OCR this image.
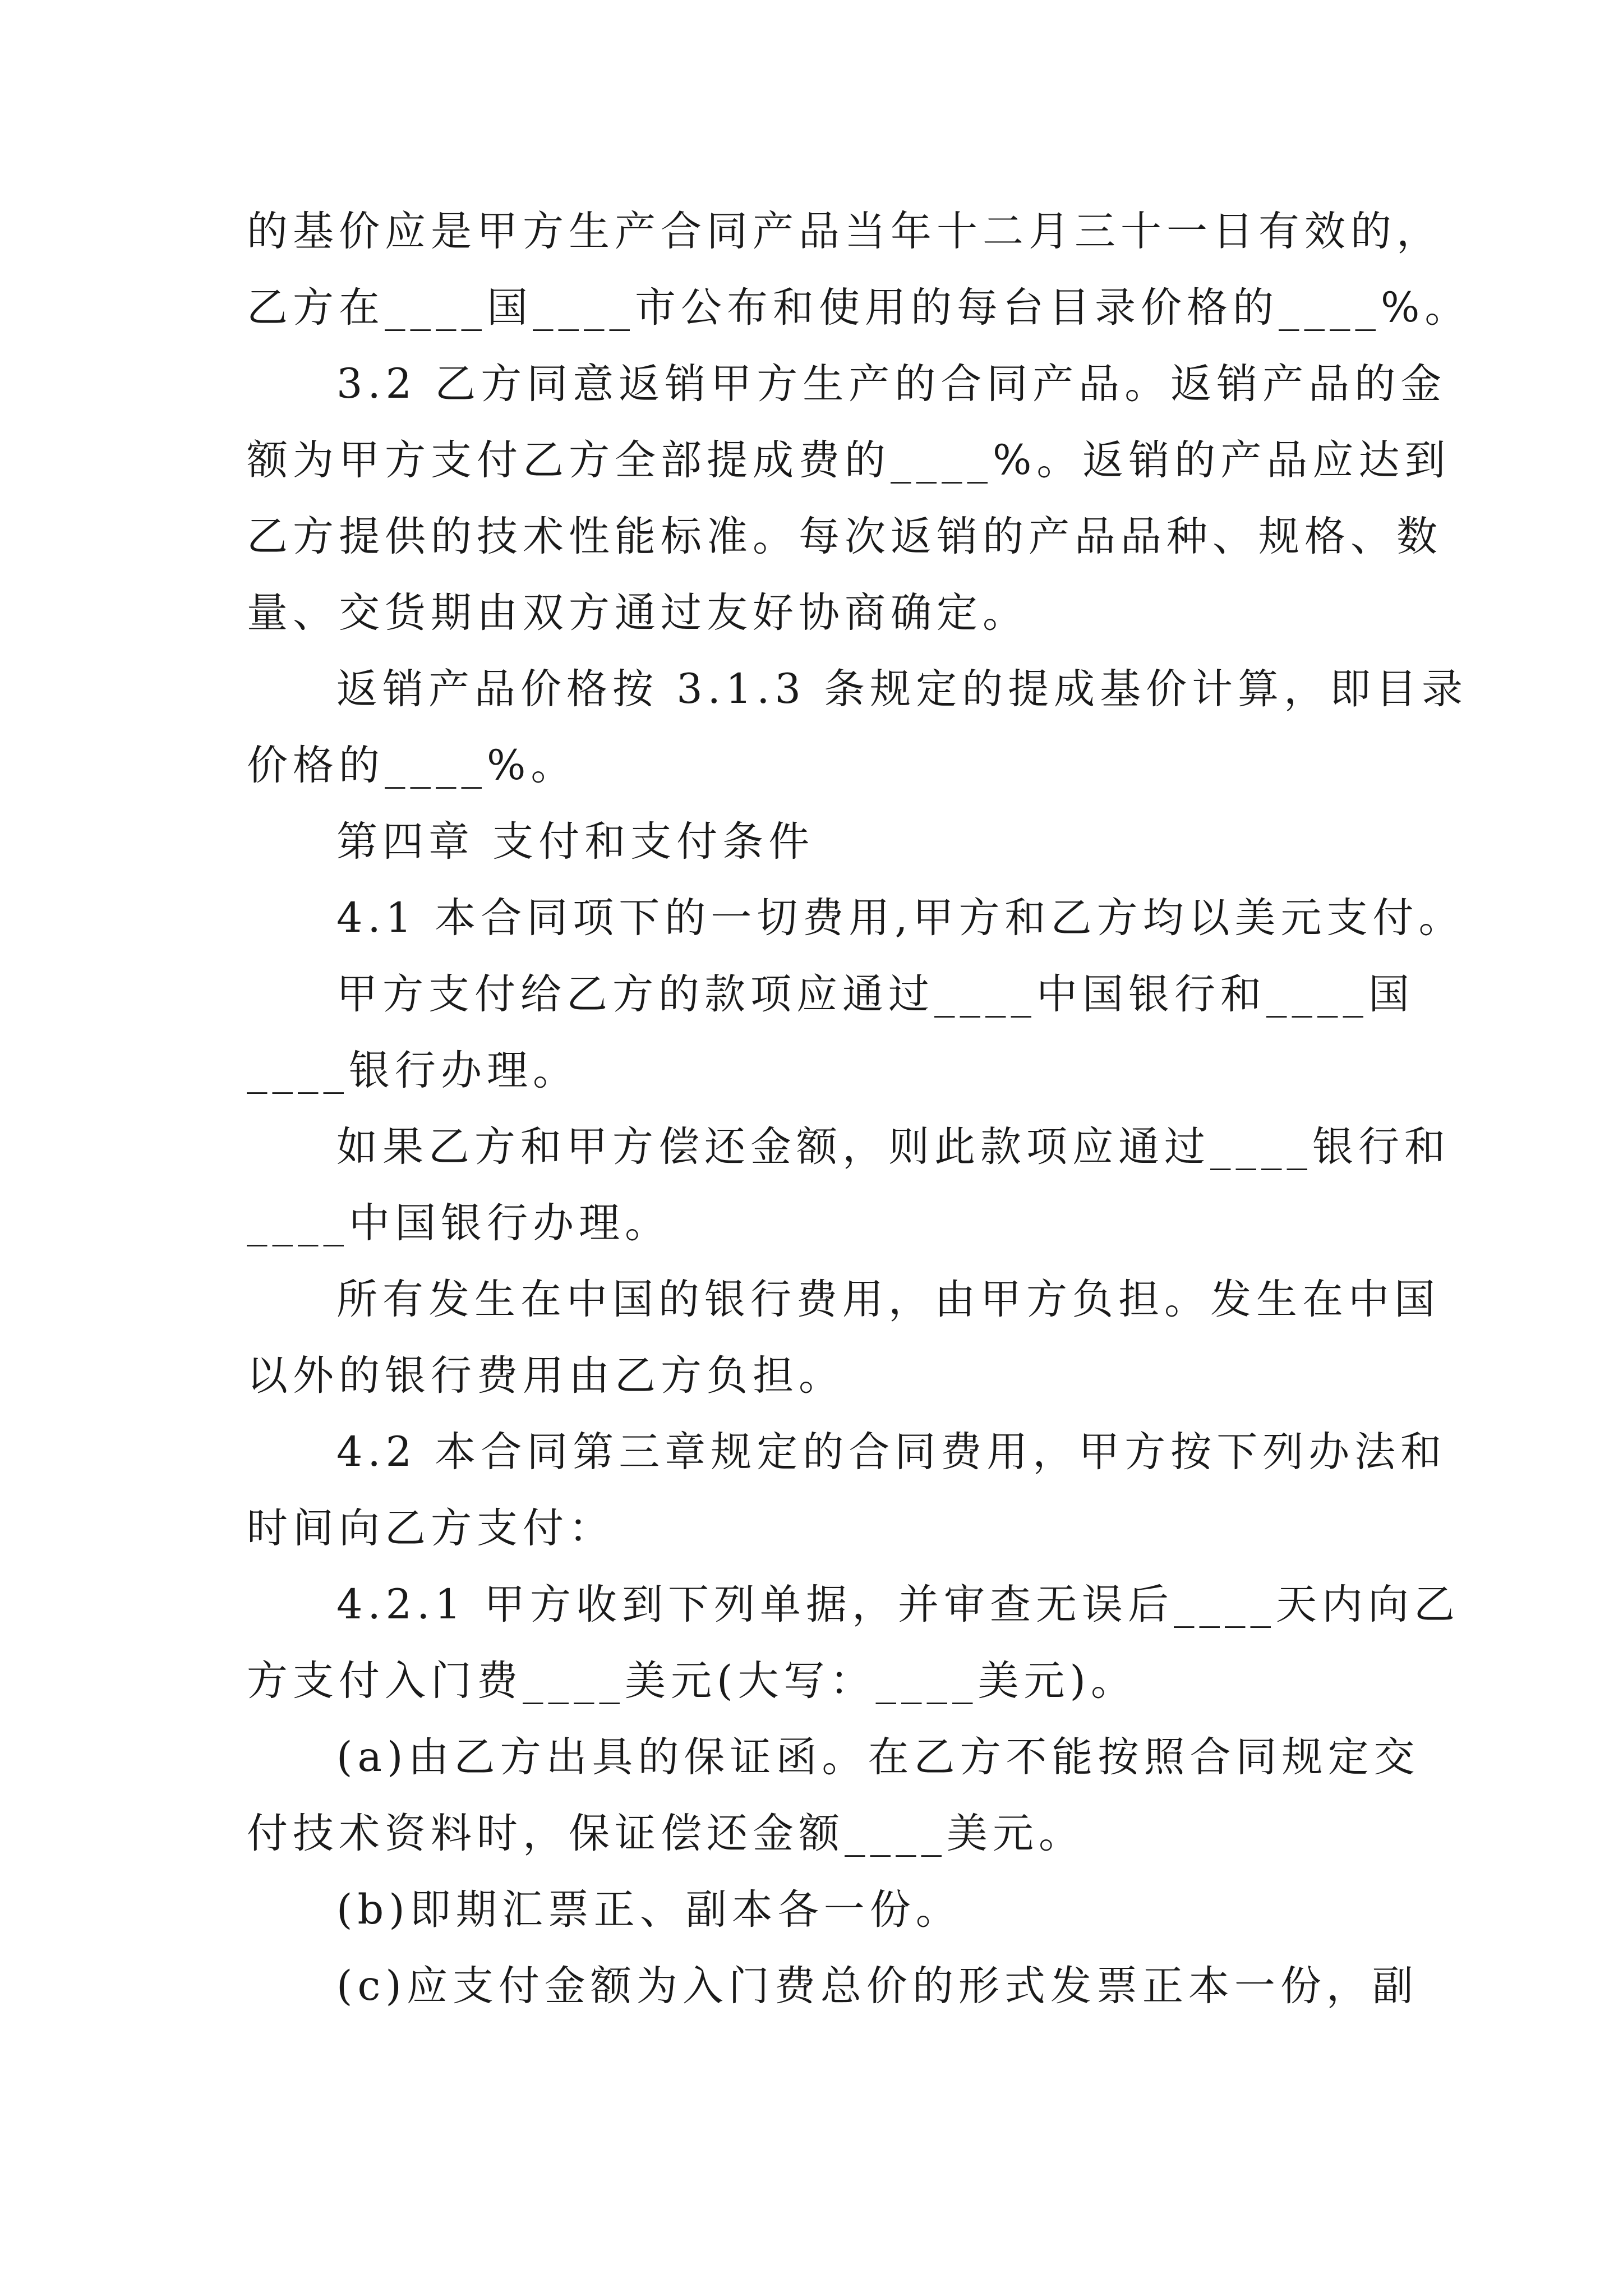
的基价应是甲方生产合同产品当年十二月三十一日有效的，
乙方在____国____市公布和使用的每台目录价格的____%。
3.2 乙方同意返销甲方生产的合同产品。返销产品的金
额为甲方支付乙方全部提成费的____%。返销的产品应达到
乙方提供的技术性能标准。每次返销的产品品种、规格、数
量、交货期由双方通过友好协商确定。
返销产品价格按 3.1.3 条规定的提成基价计算，即目录
价格的____%。
第四章 支付和支付条件
4.1 本合同项下的一切费用,甲方和乙方均以美元支付。
甲方支付给乙方的款项应通过____中国银行和____国
____银行办理。
如果乙方和甲方偿还金额，则此款项应通过____银行和
____中国银行办理。
所有发生在中国的银行费用，由甲方负担。发生在中国
以外的银行费用由乙方负担。
4.2 本合同第三章规定的合同费用，甲方按下列办法和
时间向乙方支付：
4.2.1 甲方收到下列单据，并审查无误后____天内向乙
方支付入门费____美元(大写：____美元)。
(a)由乙方出具的保证函。在乙方不能按照合同规定交
付技术资料时，保证偿还金额____美元。
(b)即期汇票正、副本各一份。
(c)应支付金额为入门费总价的形式发票正本一份，副
